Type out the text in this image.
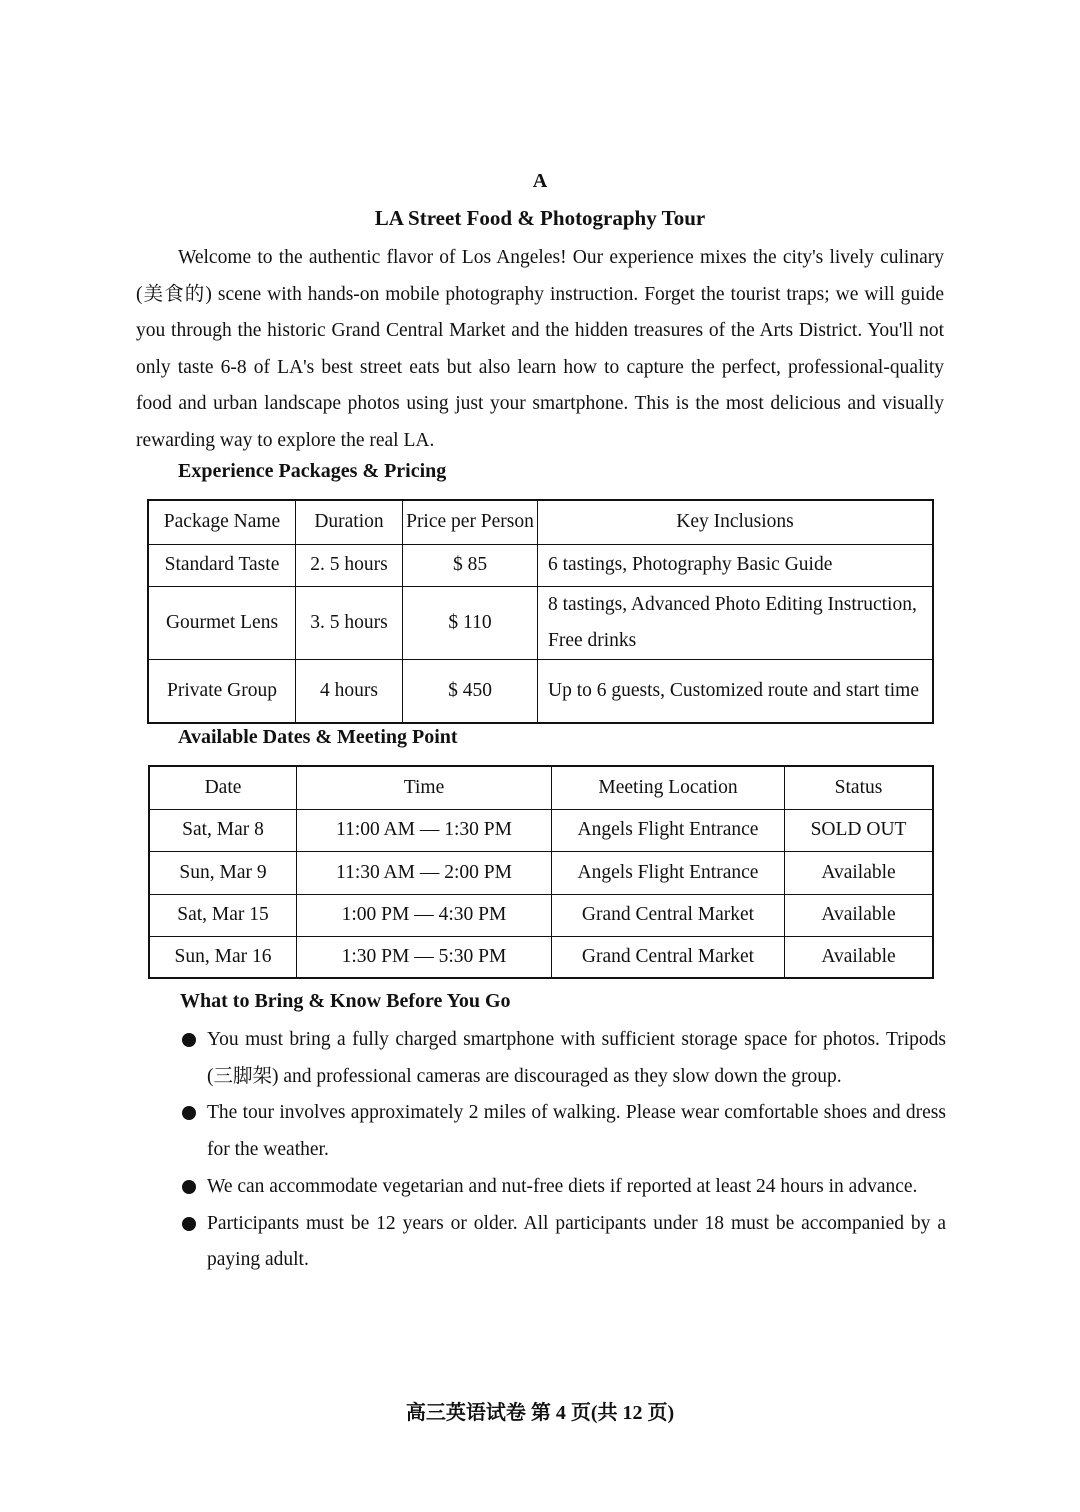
A
LA Street Food & Photography Tour
Welcome to the authentic flavor of Los Angeles! Our experience mixes the city's lively culinary (美食的) scene with hands-on mobile photography instruction. Forget the tourist traps; we will guide you through the historic Grand Central Market and the hidden treasures of the Arts District. You'll not only taste 6-8 of LA's best street eats but also learn how to capture the perfect, professional-quality food and urban landscape photos using just your smartphone. This is the most delicious and visually rewarding way to explore the real LA.
Experience Packages & Pricing
Package Name	Duration	Price per Person	Key Inclusions
Standard Taste	2. 5 hours	$ 85	6 tastings, Photography Basic Guide
Gourmet Lens	3. 5 hours	$ 110	8 tastings, Advanced Photo Editing Instruction, Free drinks
Private Group	4 hours	$ 450	Up to 6 guests, Customized route and start time
Available Dates & Meeting Point
Date	Time	Meeting Location	Status
Sat, Mar 8	11:00 AM — 1:30 PM	Angels Flight Entrance	SOLD OUT
Sun, Mar 9	11:30 AM — 2:00 PM	Angels Flight Entrance	Available
Sat, Mar 15	1:00 PM — 4:30 PM	Grand Central Market	Available
Sun, Mar 16	1:30 PM — 5:30 PM	Grand Central Market	Available
What to Bring & Know Before You Go
You must bring a fully charged smartphone with sufficient storage space for photos. Tripods (三脚架) and professional cameras are discouraged as they slow down the group.
The tour involves approximately 2 miles of walking. Please wear comfortable shoes and dress for the weather.
We can accommodate vegetarian and nut-free diets if reported at least 24 hours in advance.
Participants must be 12 years or older. All participants under 18 must be accompanied by a paying adult.
高三英语试卷 第 4 页(共 12 页)
